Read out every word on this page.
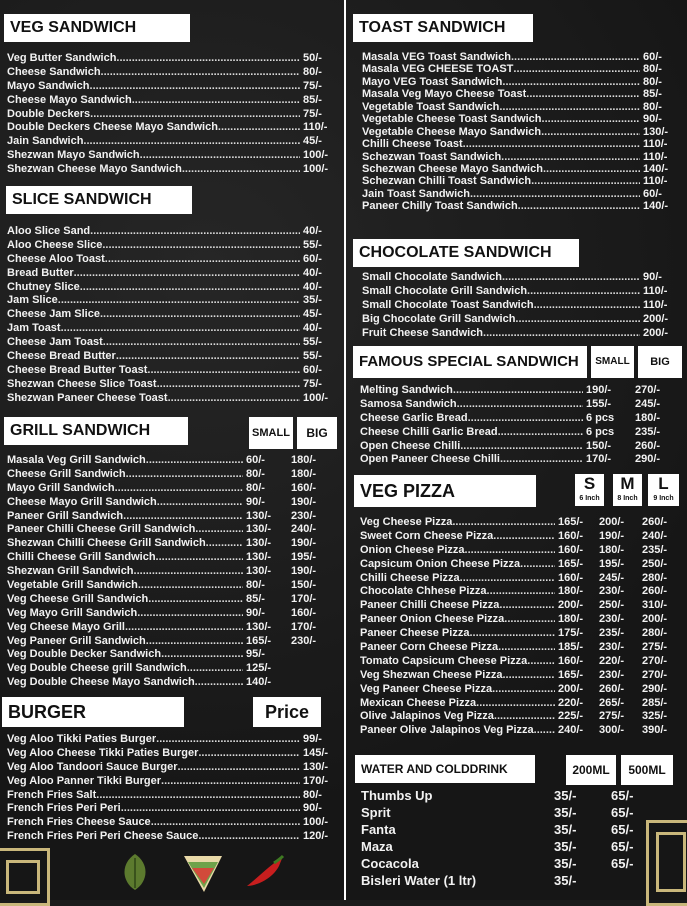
VEG SANDWICH
Veg Butter Sandwich .....	50/-
Cheese Sandwich .....	80/-
Mayo Sandwich .....	75/-
Cheese Mayo Sandwich .....	85/-
Double Deckers .....	75/-
Double Deckers Cheese Mayo Sandwich .....	110/-
Jain Sandwich .....	45/-
Shezwan Mayo Sandwich .....	100/-
Shezwan Cheese Mayo Sandwich .....	100/-
SLICE SANDWICH
Aloo Slice Sand .....	40/-
Aloo Cheese Slice .....	55/-
Cheese Aloo Toast .....	60/-
Bread Butter .....	40/-
Chutney Slice .....	40/-
Jam Slice .....	35/-
Cheese Jam Slice .....	45/-
Jam Toast .....	40/-
Cheese Jam Toast .....	55/-
Cheese Bread Butter .....	55/-
Cheese Bread Butter Toast .....	60/-
Shezwan Cheese Slice Toast .....	75/-
Shezwan Paneer Cheese Toast .....	100/-
GRILL SANDWICH	SMALL	BIG
Masala Veg Grill Sandwich .....	60/-	180/-
Cheese Grill Sandwich .....	80/-	180/-
Mayo Grill Sandwich .....	80/-	160/-
Cheese Mayo Grill Sandwich .....	90/-	190/-
Paneer Grill Sandwich .....	130/-	230/-
Paneer Chilli Cheese Grill Sandwich .....	130/-	240/-
Shezwan Chilli Cheese Grill Sandwich .....	130/-	190/-
Chilli Cheese Grill Sandwich .....	130/-	195/-
Shezwan Grill Sandwich .....	130/-	190/-
Vegetable Grill Sandwich .....	80/-	150/-
Veg Cheese Grill Sandwich .....	85/-	170/-
Veg Mayo Grill Sandwich .....	90/-	160/-
Veg Cheese Mayo Grill .....	130/-	170/-
Veg Paneer Grill Sandwich .....	165/-	230/-
Veg Double Decker Sandwich .....	95/-
Veg Double Cheese grill Sandwich .....	125/-
Veg Double Cheese Mayo Sandwich .....	140/-
BURGER	Price
Veg Aloo Tikki Paties Burger .....	99/-
Veg Aloo Cheese Tikki Paties Burger .....	145/-
Veg Aloo Tandoori Sauce Burger .....	130/-
Veg Aloo Panner Tikki Burger .....	170/-
French Fries Salt .....	80/-
French Fries Peri Peri .....	90/-
French Fries Cheese Sauce .....	100/-
French Fries Peri Peri Cheese Sauce .....	120/-
TOAST SANDWICH
Masala VEG Toast Sandwich .....	60/-
Masala VEG CHEESE TOAST .....	80/-
Mayo VEG Toast Sandwich .....	80/-
Masala Veg Mayo Cheese Toast .....	85/-
Vegetable Toast Sandwich .....	80/-
Vegetable Cheese Toast Sandwich .....	90/-
Vegetable Cheese Mayo Sandwich .....	130/-
Chilli Cheese Toast .....	110/-
Schezwan Toast Sandwich .....	110/-
Schezwan Cheese Mayo Sandwich .....	140/-
Schezwan Chilli Toast Sandwich .....	110/-
Jain Toast Sandwich .....	60/-
Paneer Chilly Toast Sandwich .....	140/-
CHOCOLATE SANDWICH
Small Chocolate Sandwich .....	90/-
Small Chocolate Grill Sandwich .....	110/-
Small Chocolate Toast Sandwich .....	110/-
Big Chocolate Grill Sandwich .....	200/-
Fruit Cheese Sandwich .....	200/-
FAMOUS SPECIAL SANDWICH	SMALL	BIG
Melting Sandwich .....	190/-	270/-
Samosa Sandwich .....	155/-	245/-
Cheese Garlic Bread .....	6 pcs	180/-
Cheese Chilli Garlic Bread .....	6 pcs	235/-
Open Cheese Chilli .....	150/-	260/-
Open Paneer Cheese Chilli .....	170/-	290/-
VEG PIZZA	S
6 Inch
M
8 Inch
L
9 Inch
Veg Cheese Pizza .....	165/-	200/-	260/-
Sweet Corn Cheese Pizza .....	160/-	190/-	240/-
Onion Cheese Pizza .....	160/-	180/-	235/-
Capsicum Onion Cheese Pizza .....	165/-	195/-	250/-
Chilli Cheese Pizza .....	160/-	245/-	280/-
Chocolate Chhese Pizza .....	180/-	230/-	260/-
Paneer Chilli Cheese Pizza .....	200/-	250/-	310/-
Paneer Onion Cheese Pizza .....	180/-	230/-	200/-
Paneer Cheese Pizza .....	175/-	235/-	280/-
Paneer Corn Cheese Pizza .....	185/-	230/-	275/-
Tomato Capsicum Cheese Pizza .....	160/-	220/-	270/-
Veg Shezwan Cheese Pizza .....	165/-	230/-	270/-
Veg Paneer Cheese Pizza .....	200/-	260/-	290/-
Mexican Cheese Pizza .....	220/-	265/-	285/-
Olive Jalapinos Veg Pizza .....	225/-	275/-	325/-
Paneer Olive Jalapinos Veg Pizza ..... 240/-	300/-	390/-
WATER AND COLDDRINK	200ML	500ML
Thumbs Up	35/-	65/-
Sprit	35/-	65/-
Fanta	35/-	65/-
Maza	35/-	65/-
Cocacola	35/-	65/-
Bisleri Water (1 ltr)	35/-
